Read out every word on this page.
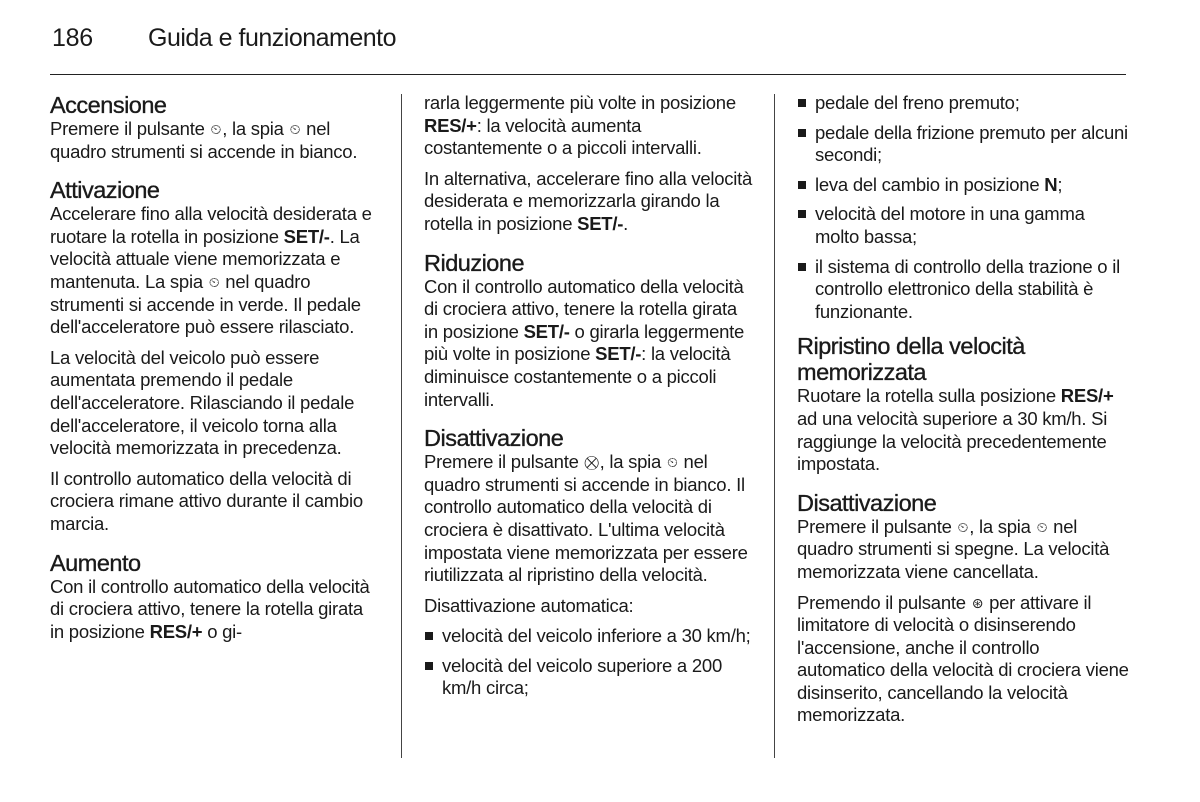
186 Guida e funzionamento
Accensione

Premere il pulsante ⏲, la spia ⏲ nel quadro strumenti si accende in bianco.

Attivazione

Accelerare fino alla velocità desiderata e ruotare la rotella in posizione SET/-. La velocità attuale viene memorizzata e mantenuta. La spia ⏲ nel quadro strumenti si accende in verde. Il pedale dell'acceleratore può essere rilasciato.

La velocità del veicolo può essere aumentata premendo il pedale dell'acceleratore. Rilasciando il pedale dell'acceleratore, il veicolo torna alla velocità memorizzata in precedenza.

Il controllo automatico della velocità di crociera rimane attivo durante il cambio marcia.

Aumento

Con il controllo automatico della velocità di crociera attivo, tenere la rotella girata in posizione RES/+ o gi-

rarla leggermente più volte in posizione RES/+: la velocità aumenta costantemente o a piccoli intervalli.

In alternativa, accelerare fino alla velocità desiderata e memorizzarla girando la rotella in posizione SET/-.

Riduzione

Con il controllo automatico della velocità di crociera attivo, tenere la rotella girata in posizione SET/- o girarla leggermente più volte in posizione SET/-: la velocità diminuisce costantemente o a piccoli intervalli.

Disattivazione

Premere il pulsante ⛒, la spia ⏲ nel quadro strumenti si accende in bianco. Il controllo automatico della velocità di crociera è disattivato. L'ultima velocità impostata viene memorizzata per essere riutilizzata al ripristino della velocità.

Disattivazione automatica:

velocità del veicolo inferiore a 30 km/h;
velocità del veicolo superiore a 200 km/h circa;
pedale del freno premuto;
pedale della frizione premuto per alcuni secondi;
leva del cambio in posizione N;
velocità del motore in una gamma molto bassa;
il sistema di controllo della trazione o il controllo elettronico della stabilità è funzionante.
Ripristino della velocità memorizzata

Ruotare la rotella sulla posizione RES/+ ad una velocità superiore a 30 km/h. Si raggiunge la velocità precedentemente impostata.

Disattivazione

Premere il pulsante ⏲, la spia ⏲ nel quadro strumenti si spegne. La velocità memorizzata viene cancellata.

Premendo il pulsante ⊛ per attivare il limitatore di velocità o disinserendo l'accensione, anche il controllo automatico della velocità di crociera viene disinserito, cancellando la velocità memorizzata.
